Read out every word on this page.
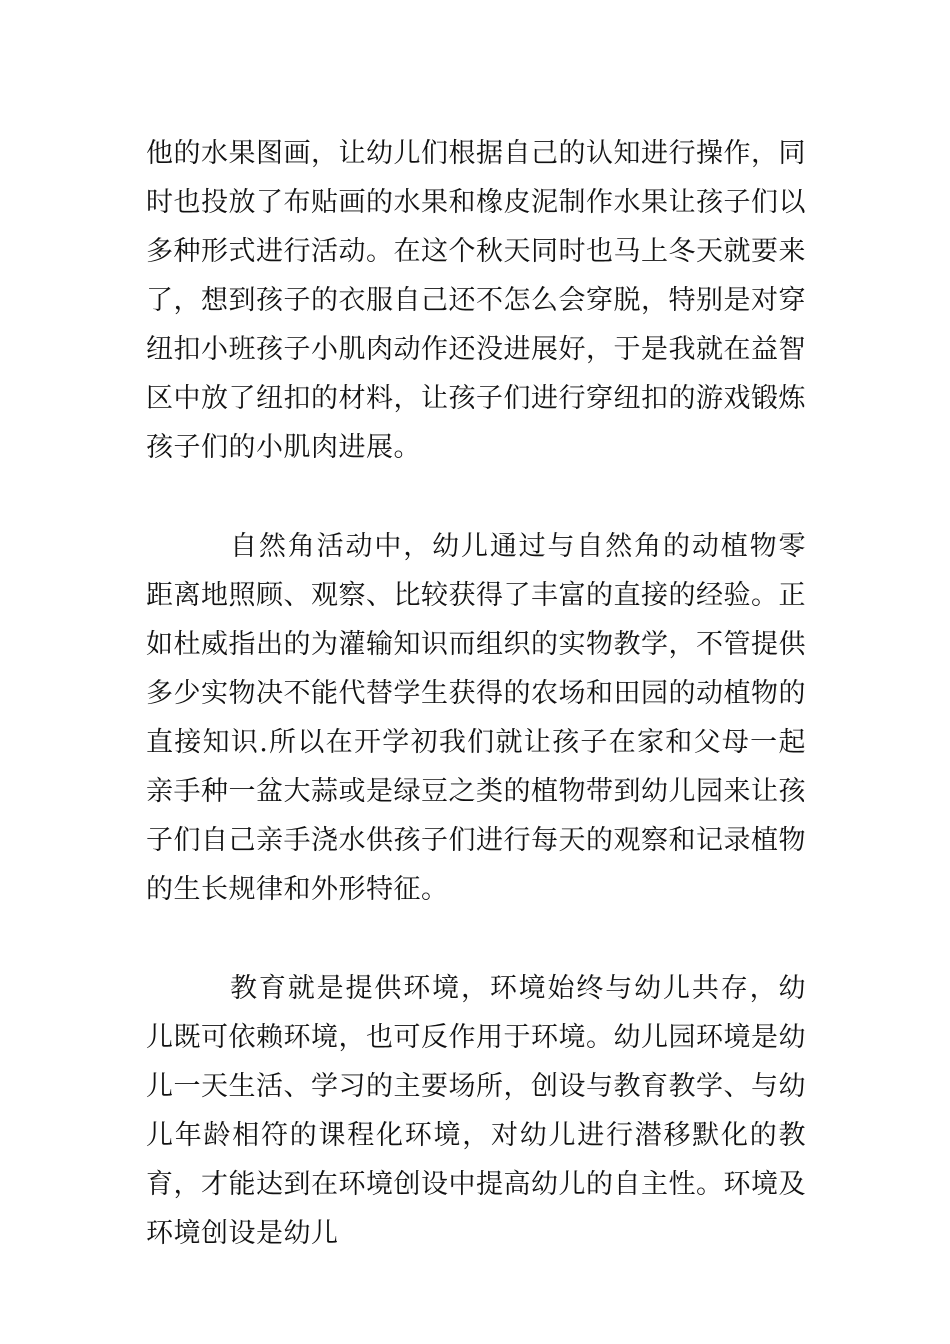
他的水果图画，让幼儿们根据自己的认知进行操作，同时也投放了布贴画的水果和橡皮泥制作水果让孩子们以多种形式进行活动。在这个秋天同时也马上冬天就要来了，想到孩子的衣服自己还不怎么会穿脱，特别是对穿纽扣小班孩子小肌肉动作还没进展好，于是我就在益智区中放了纽扣的材料，让孩子们进行穿纽扣的游戏锻炼孩子们的小肌肉进展。

自然角活动中，幼儿通过与自然角的动植物零距离地照顾、观察、比较获得了丰富的直接的经验。正如杜威指出的为灌输知识而组织的实物教学，不管提供多少实物决不能代替学生获得的农场和田园的动植物的直接知识.所以在开学初我们就让孩子在家和父母一起亲手种一盆大蒜或是绿豆之类的植物带到幼儿园来让孩子们自己亲手浇水供孩子们进行每天的观察和记录植物的生长规律和外形特征。

教育就是提供环境，环境始终与幼儿共存，幼儿既可依赖环境，也可反作用于环境。幼儿园环境是幼儿一天生活、学习的主要场所，创设与教育教学、与幼儿年龄相符的课程化环境，对幼儿进行潜移默化的教育，才能达到在环境创设中提高幼儿的自主性。环境及环境创设是幼儿
